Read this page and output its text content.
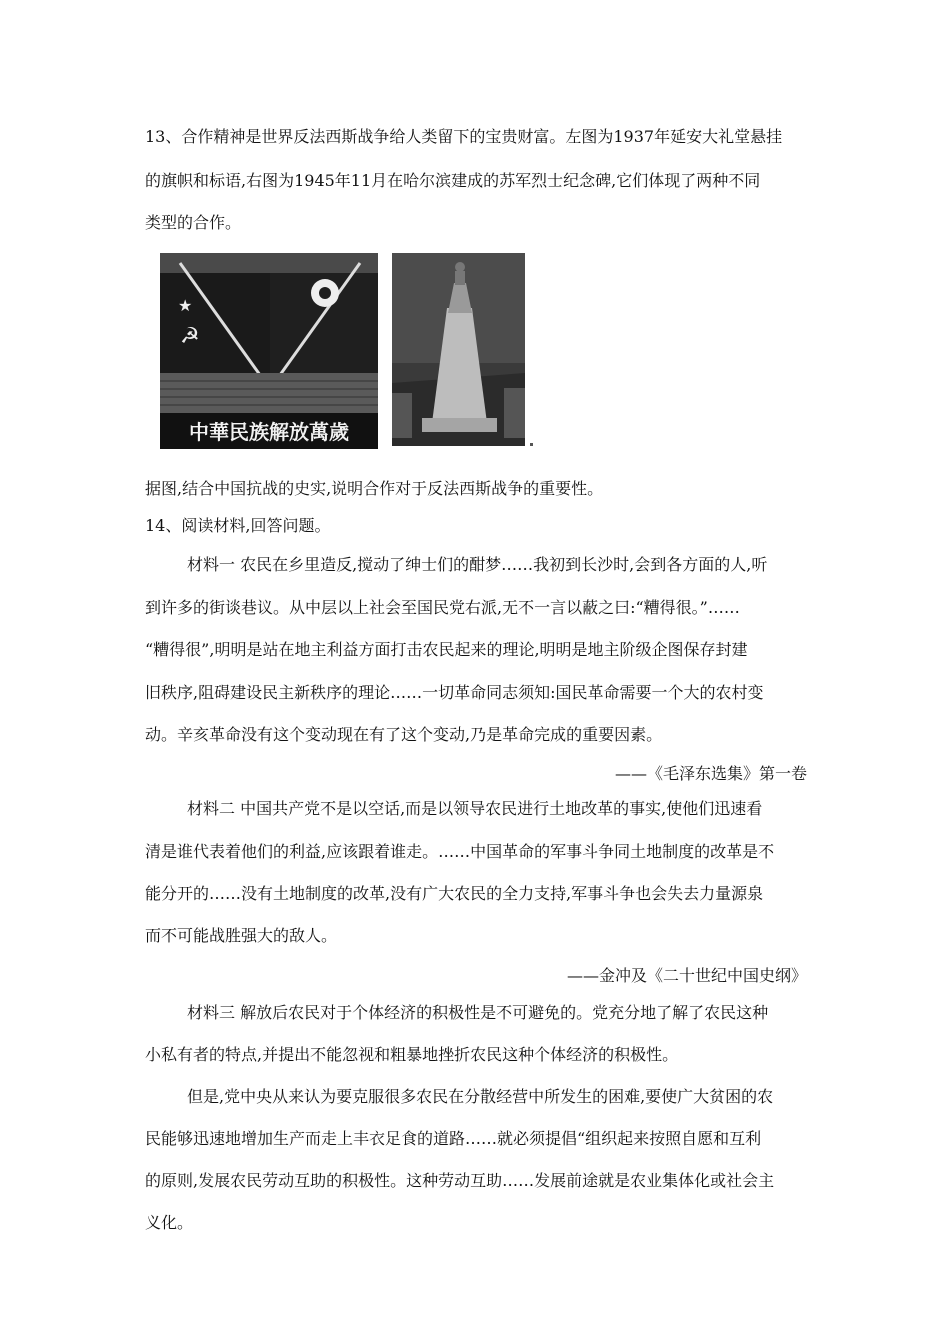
13、合作精神是世界反法西斯战争给人类留下的宝贵财富。左图为1937年延安大礼堂悬挂
的旗帜和标语,右图为1945年11月在哈尔滨建成的苏军烈士纪念碑,它们体现了两种不同
类型的合作。
★
☭
中華民族解放萬歲
据图,结合中国抗战的史实,说明合作对于反法西斯战争的重要性。
14、阅读材料,回答问题。
材料一 农民在乡里造反,搅动了绅士们的酣梦……我初到长沙时,会到各方面的人,听
到许多的街谈巷议。从中层以上社会至国民党右派,无不一言以蔽之曰:“糟得很。”……
“糟得很”,明明是站在地主利益方面打击农民起来的理论,明明是地主阶级企图保存封建
旧秩序,阻碍建设民主新秩序的理论……一切革命同志须知:国民革命需要一个大的农村变
动。辛亥革命没有这个变动现在有了这个变动,乃是革命完成的重要因素。
——《毛泽东选集》第一卷
材料二 中国共产党不是以空话,而是以领导农民进行土地改革的事实,使他们迅速看
清是谁代表着他们的利益,应该跟着谁走。……中国革命的军事斗争同土地制度的改革是不
能分开的……没有土地制度的改革,没有广大农民的全力支持,军事斗争也会失去力量源泉
而不可能战胜强大的敌人。
——金冲及《二十世纪中国史纲》
材料三 解放后农民对于个体经济的积极性是不可避免的。党充分地了解了农民这种
小私有者的特点,并提出不能忽视和粗暴地挫折农民这种个体经济的积极性。
但是,党中央从来认为要克服很多农民在分散经营中所发生的困难,要使广大贫困的农
民能够迅速地增加生产而走上丰衣足食的道路……就必须提倡“组织起来按照自愿和互利
的原则,发展农民劳动互助的积极性。这种劳动互助……发展前途就是农业集体化或社会主
义化。
